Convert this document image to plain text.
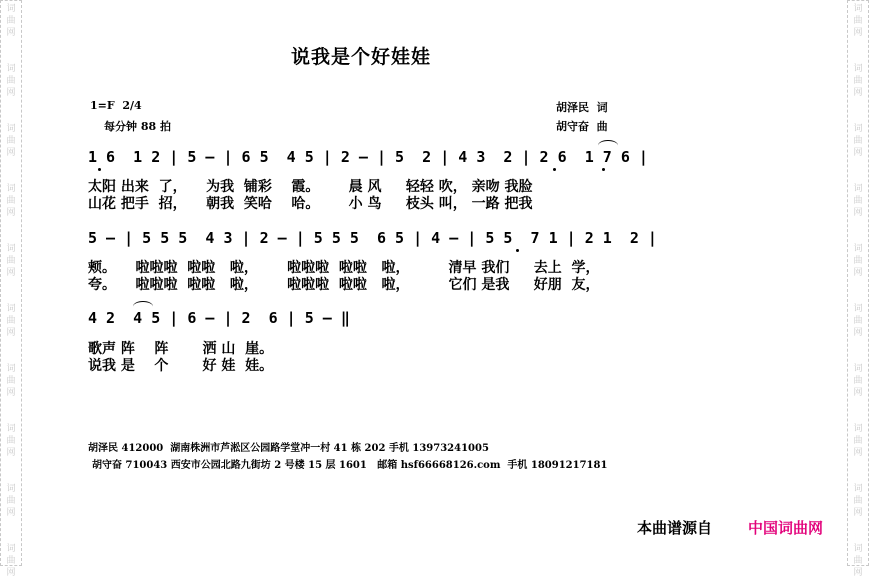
词曲网
词曲网
词曲网
词曲网
词曲网
词曲网
词曲网
词曲网
词曲网
词曲网
词曲网
词曲网
词曲网
词曲网
词曲网
词曲网
词曲网
词曲网
词曲网
词曲网
说我是个好娃娃
1=F  2/4
每分钟 88 拍
胡泽民  词
胡守奋  曲
1 6  1 2 | 5 — | 6 5  4 5 | 2 — | 5  2 | 4 3  2 | 2 6  1 7 6 |
太阳 出来  了，    为我  铺彩    霞。      晨 风     轻轻 吹， 亲吻 我脸
山花 把手  招，    朝我  笑哈    哈。      小 鸟     枝头 叫， 一路 把我
5 — | 5 5 5  4 3 | 2 — | 5 5 5  6 5 | 4 — | 5 5  7 1 | 2 1  2 |
颊。    啦啦啦  啦啦   啦，      啦啦啦  啦啦   啦，        清早 我们     去上  学，
夸。    啦啦啦  啦啦   啦，      啦啦啦  啦啦   啦，        它们 是我     好朋  友，
4 2  4 5 | 6 — | 2  6 | 5 — ‖
歌声 阵    阵       洒 山  崖。
说我 是    个       好 娃  娃。
胡泽民 412000  湖南株洲市芦淞区公园路学堂冲一村 41 栋 202 手机 13973241005
胡守奋 710043 西安市公园北路九街坊 2 号楼 15 层 1601   邮箱 hsf66668126.com  手机 18091217181
本曲谱源自 中国词曲网
